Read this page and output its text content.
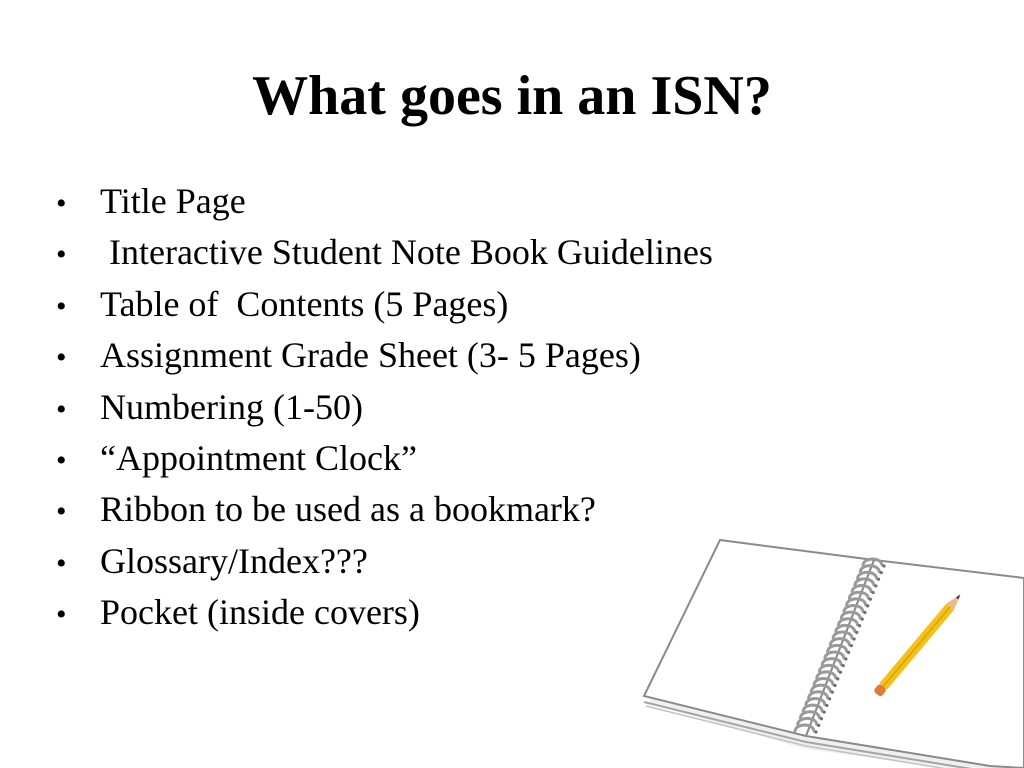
What goes in an ISN?
• Title Page
• Interactive Student Note Book Guidelines
• Table of  Contents (5 Pages)
• Assignment Grade Sheet (3- 5 Pages)
• Numbering (1-50)
• “Appointment Clock”
• Ribbon to be used as a bookmark?
• Glossary/Index???
• Pocket (inside covers)
